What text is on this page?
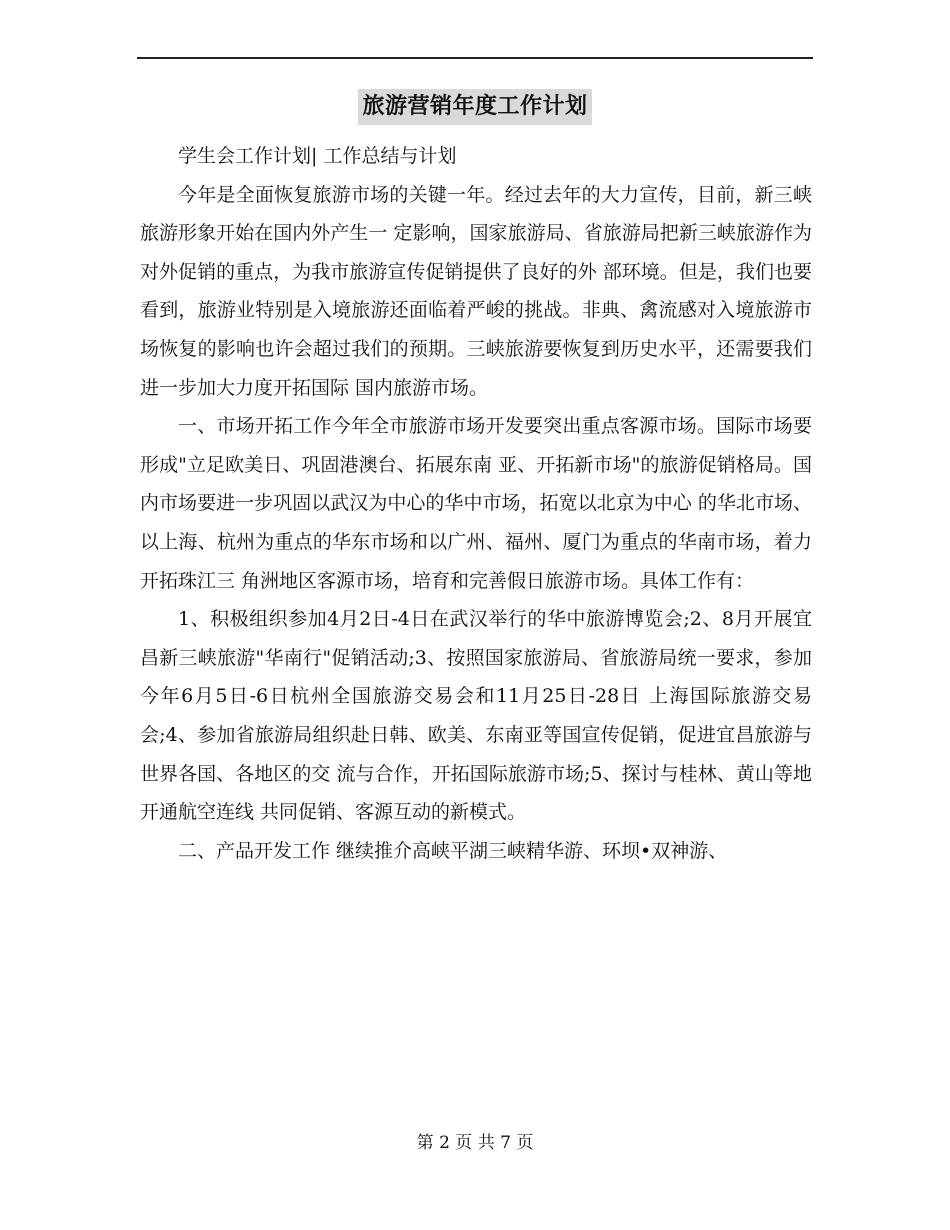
旅游营销年度工作计划

学生会工作计划| 工作总结与计划

今年是全面恢复旅游市场的关键一年。经过去年的大力宣传，目前，新三峡旅游形象开始在国内外产生一 定影响，国家旅游局、省旅游局把新三峡旅游作为对外促销的重点，为我市旅游宣传促销提供了良好的外 部环境。但是，我们也要看到，旅游业特别是入境旅游还面临着严峻的挑战。非典、禽流感对入境旅游市 场恢复的影响也许会超过我们的预期。三峡旅游要恢复到历史水平，还需要我们进一步加大力度开拓国际 国内旅游市场。

一、市场开拓工作今年全市旅游市场开发要突出重点客源市场。国际市场要形成"立足欧美日、巩固港澳台、拓展东南 亚、开拓新市场"的旅游促销格局。国内市场要进一步巩固以武汉为中心的华中市场，拓宽以北京为中心 的华北市场、以上海、杭州为重点的华东市场和以广州、福州、厦门为重点的华南市场，着力开拓珠江三 角洲地区客源市场，培育和完善假日旅游市场。具体工作有：

1、积极组织参加4月2日-4日在武汉举行的华中旅游博览会;2、8月开展宜昌新三峡旅游"华南行"促销活动;3、按照国家旅游局、省旅游局统一要求，参加今年6月5日-6日杭州全国旅游交易会和11月25日-28日 上海国际旅游交易会;4、参加省旅游局组织赴日韩、欧美、东南亚等国宣传促销，促进宜昌旅游与世界各国、各地区的交 流与合作，开拓国际旅游市场;5、探讨与桂林、黄山等地开通航空连线 共同促销、客源互动的新模式。

二、产品开发工作 继续推介高峡平湖三峡精华游、环坝•双神游、

第 2 页 共 7 页
